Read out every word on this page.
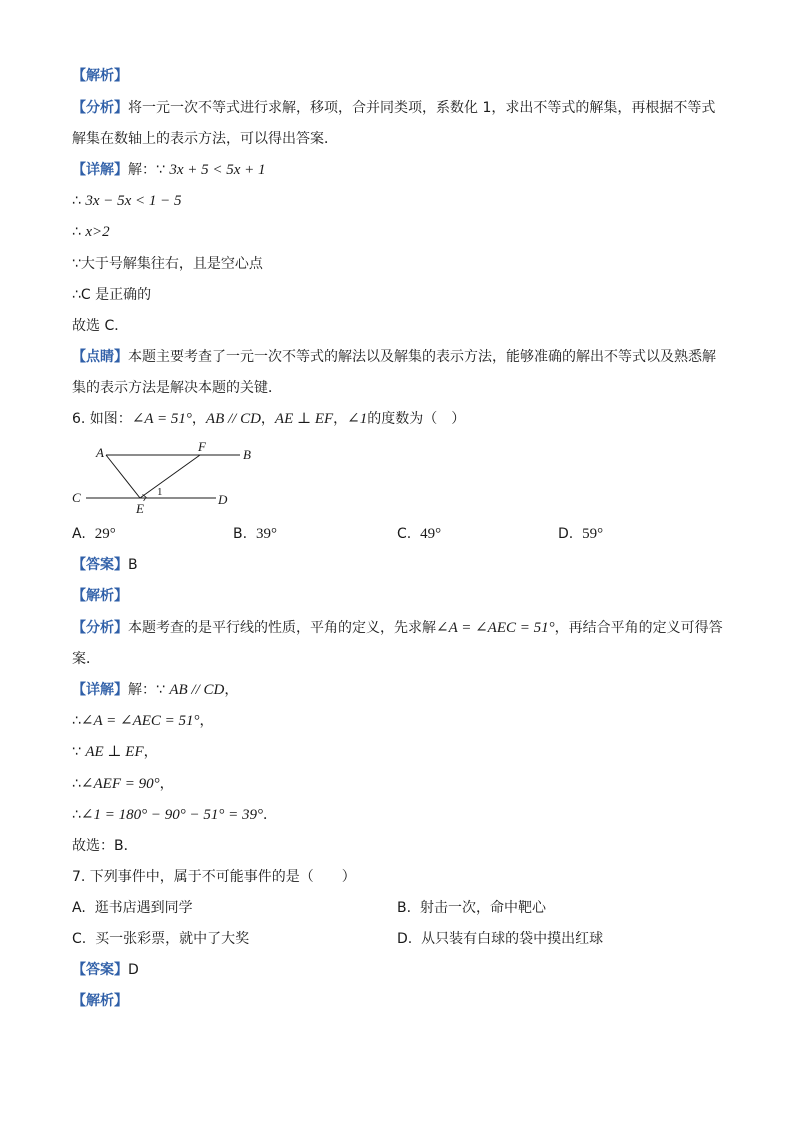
【解析】
【分析】将一元一次不等式进行求解，移项，合并同类项，系数化 1，求出不等式的解集，再根据不等式
解集在数轴上的表示方法，可以得出答案．
【详解】解：∵ 3x + 5 < 5x + 1
∴ 3x − 5x < 1 − 5
∴ x>2
∵大于号解集往右，且是空心点
∴C 是正确的
故选 C．
【点睛】本题主要考查了一元一次不等式的解法以及解集的表示方法，能够准确的解出不等式以及熟悉解
集的表示方法是解决本题的关键．
6. 如图：∠A = 51°，AB // CD，AE ⊥ EF，∠1的度数为（　）
A	F
B
C
E
D
1
A. 29°	B. 39°	C. 49°	D. 59°
【答案】B
【解析】
【分析】本题考查的是平行线的性质，平角的定义，先求解∠A = ∠AEC = 51°，再结合平角的定义可得答
案．
【详解】解：∵ AB // CD，
∴∠A = ∠AEC = 51°，
∵ AE ⊥ EF，
∴∠AEF = 90°，
∴∠1 = 180° − 90° − 51° = 39°．
故选：B．
7. 下列事件中，属于不可能事件的是（　　）
A. 逛书店遇到同学	B. 射击一次，命中靶心
C. 买一张彩票，就中了大奖	D. 从只装有白球的袋中摸出红球
【答案】D
【解析】
